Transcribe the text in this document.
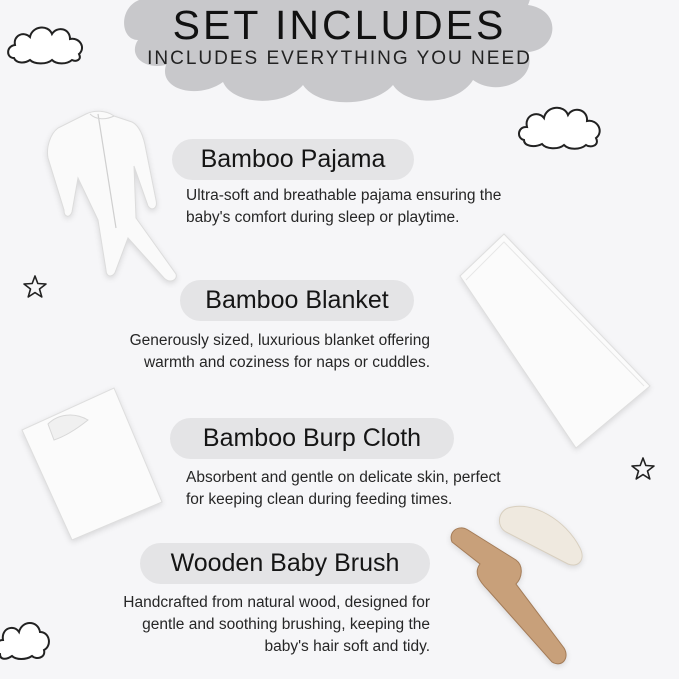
SET INCLUDES
INCLUDES EVERYTHING YOU NEED
Bamboo Pajama
Ultra-soft and breathable pajama ensuring the
baby's comfort during sleep or playtime.
Bamboo Blanket
Generously sized, luxurious blanket offering
warmth and coziness for naps or cuddles.
Bamboo Burp Cloth
Absorbent and gentle on delicate skin, perfect
for keeping clean during feeding times.
Wooden Baby Brush
Handcrafted from natural wood, designed for
gentle and soothing brushing, keeping the
baby's hair soft and tidy.
